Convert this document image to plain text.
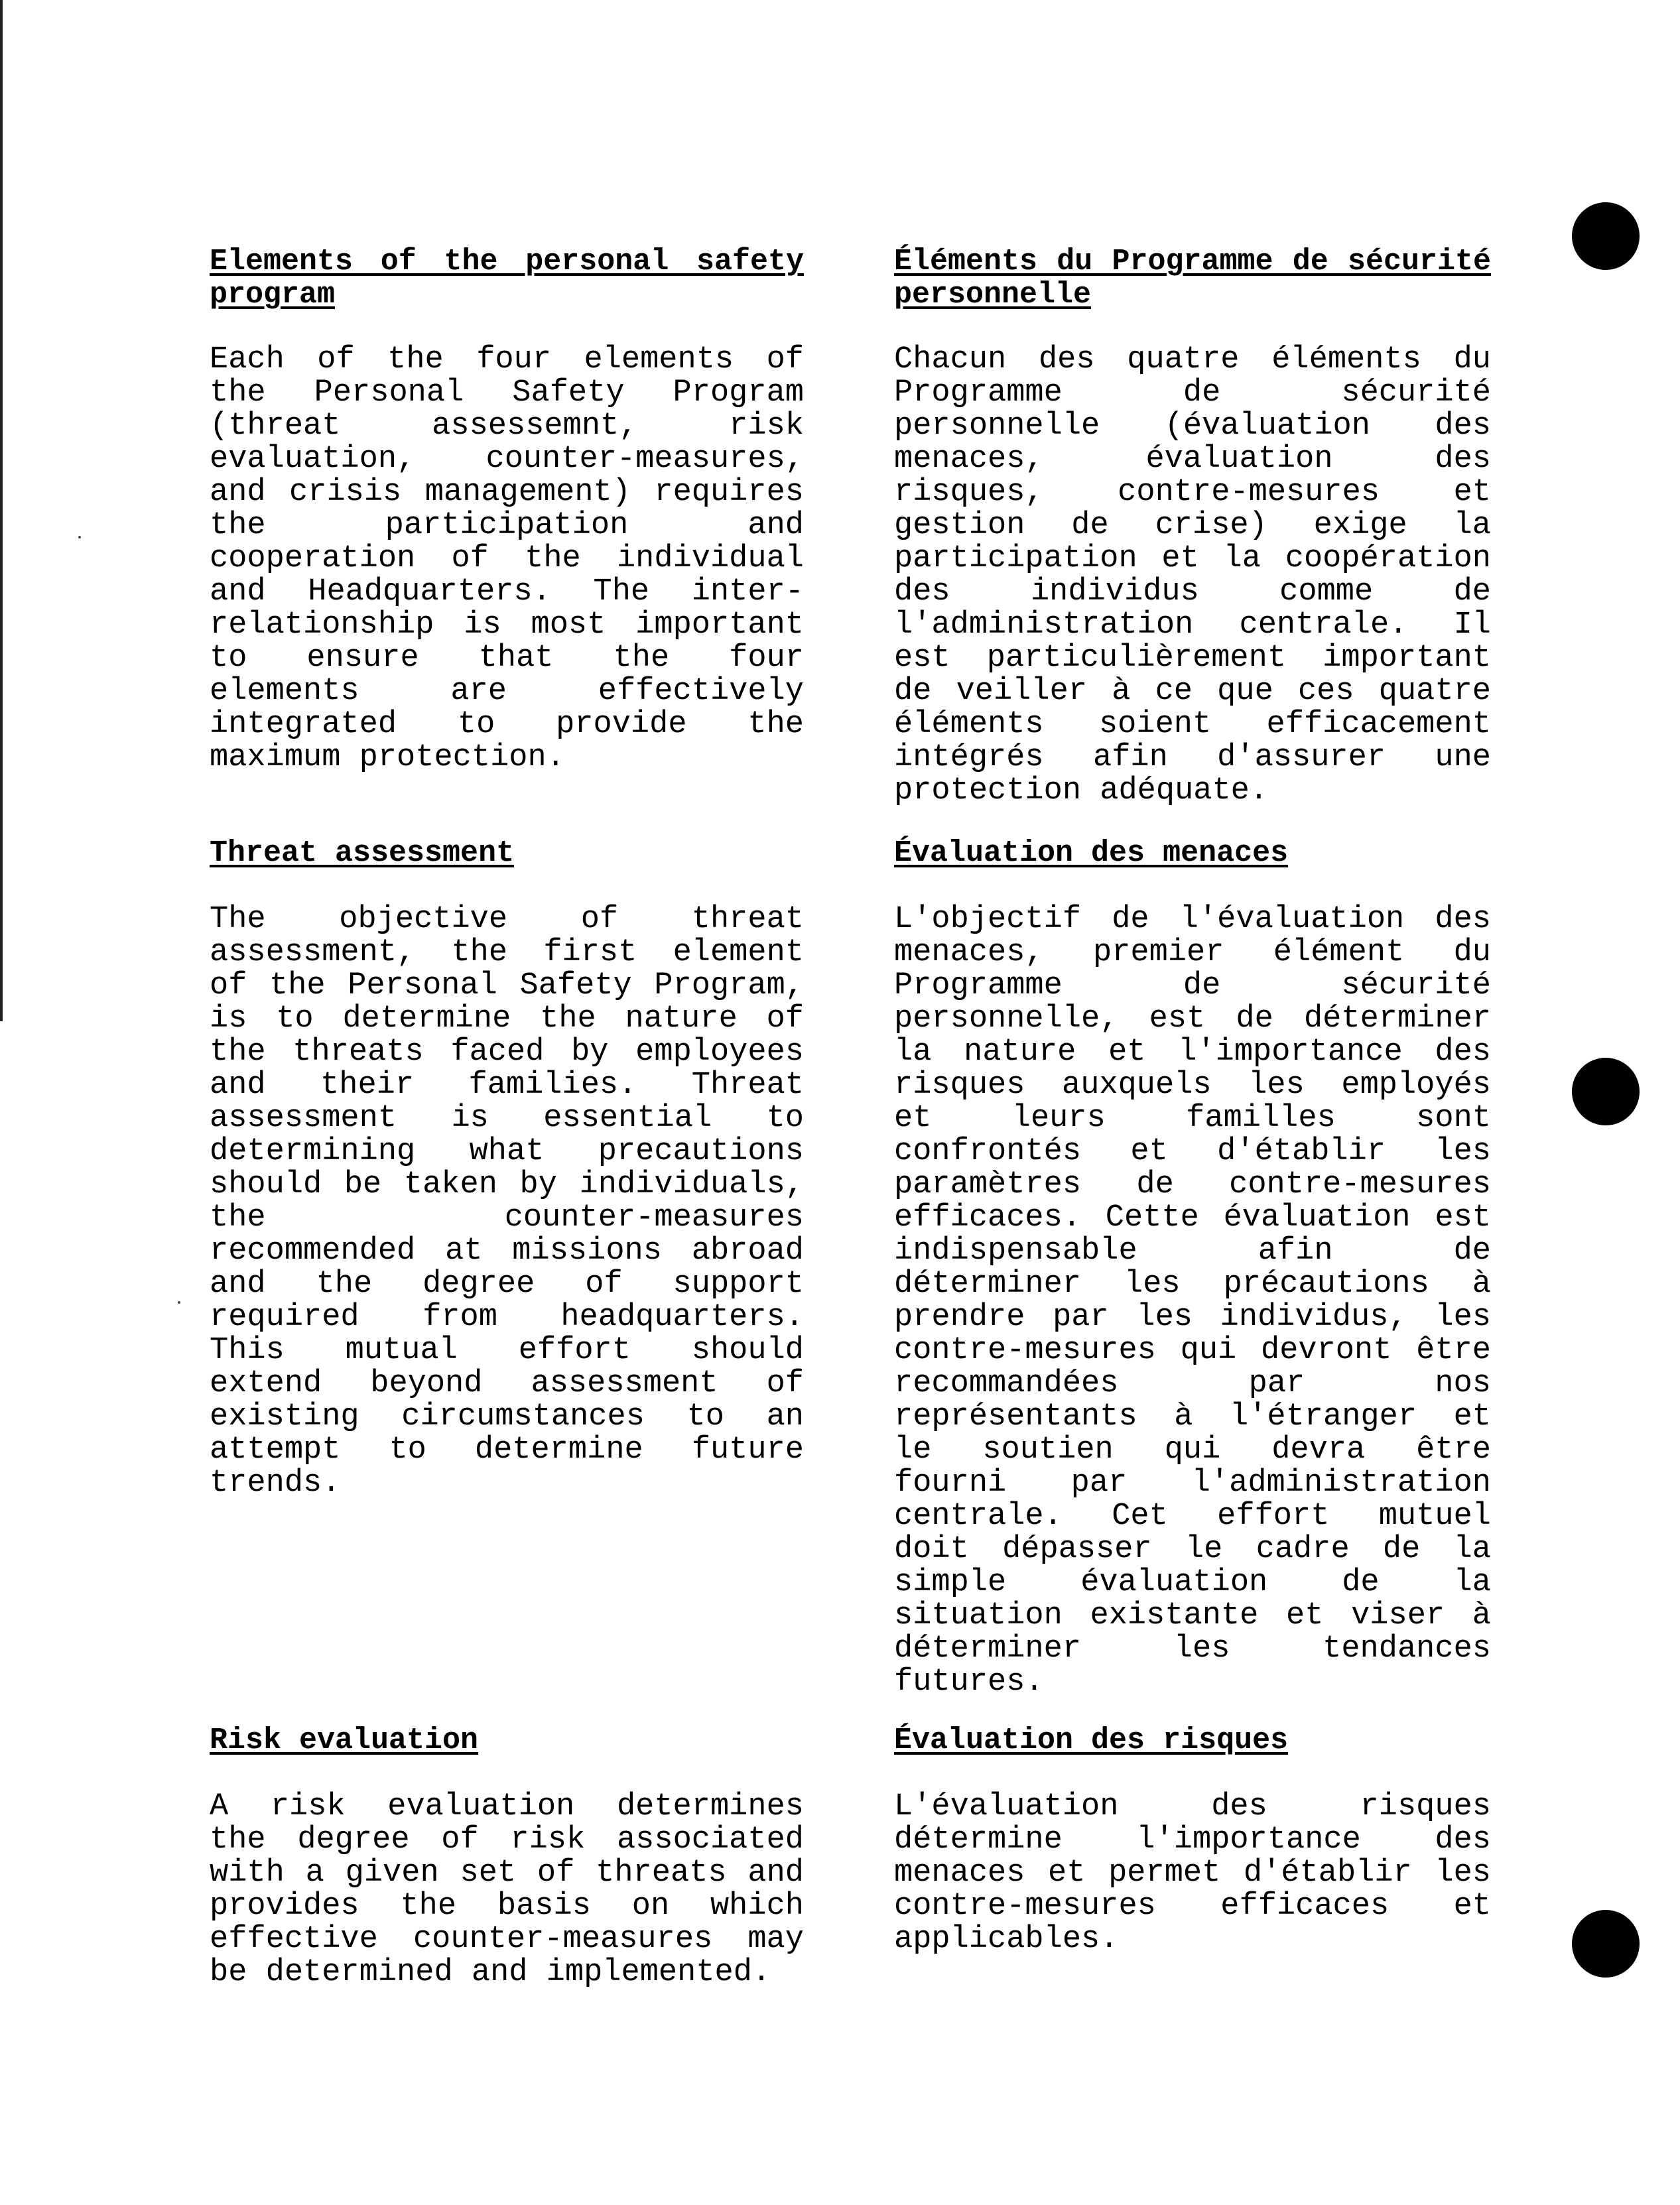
Elements of the personal safety program

Each of the four elements of the Personal Safety Program (threat assessemnt, risk evaluation, counter-measures, and crisis management) requires the participation and cooperation of the individual and Headquarters. The inter-relationship is most important to ensure that the four elements are effectively integrated to provide the maximum protection.

Threat assessment

The objective of threat assessment, the first element of the Personal Safety Program, is to determine the nature of the threats faced by employees and their families. Threat assessment is essential to determining what precautions should be taken by individuals, the counter-measures recommended at missions abroad and the degree of support required from headquarters. This mutual effort should extend beyond assessment of existing circumstances to an attempt to determine future trends.

Risk evaluation

A risk evaluation determines the degree of risk associated with a given set of threats and provides the basis on which effective counter-measures may be determined and implemented.

Éléments du Programme de sécurité personnelle

Chacun des quatre éléments du Programme de sécurité personnelle (évaluation des menaces, évaluation des risques, contre-mesures et gestion de crise) exige la participation et la coopération des individus comme de l'administration centrale. Il est particulièrement important de veiller à ce que ces quatre éléments soient efficacement intégrés afin d'assurer une protection adéquate.

Évaluation des menaces

L'objectif de l'évaluation des menaces, premier élément du Programme de sécurité personnelle, est de déterminer la nature et l'importance des risques auxquels les employés et leurs familles sont confrontés et d'établir les paramètres de contre-mesures efficaces. Cette évaluation est indispensable afin de déterminer les précautions à prendre par les individus, les contre-mesures qui devront être recommandées par nos représentants à l'étranger et le soutien qui devra être fourni par l'administration centrale. Cet effort mutuel doit dépasser le cadre de la simple évaluation de la situation existante et viser à déterminer les tendances futures.

Évaluation des risques

L'évaluation des risques détermine l'importance des menaces et permet d'établir les contre-mesures efficaces et applicables.
